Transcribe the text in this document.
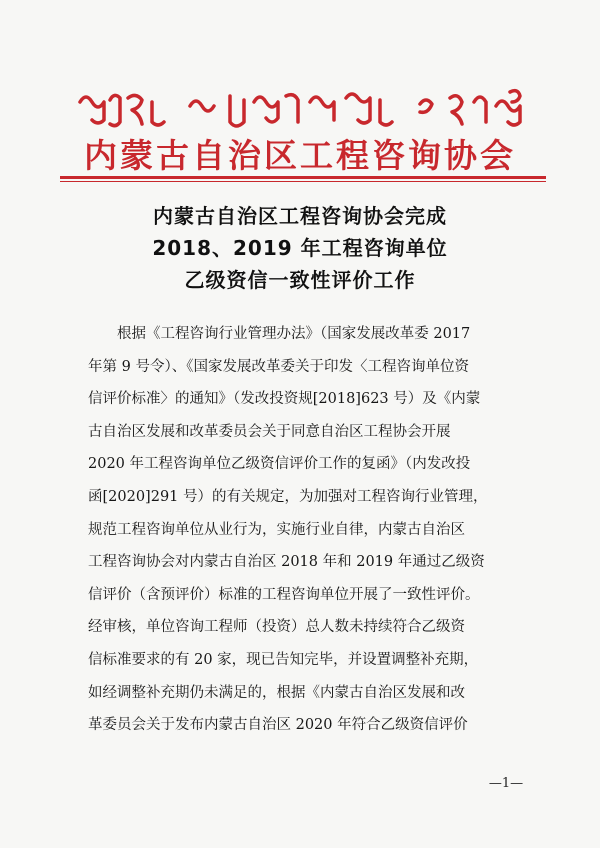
内蒙古自治区工程咨询协会
内蒙古自治区工程咨询协会完成
2018、2019 年工程咨询单位
乙级资信一致性评价工作
　　根据《工程咨询行业管理办法》（国家发展改革委 2017
年第 9 号令）、《国家发展改革委关于印发〈工程咨询单位资
信评价标准〉的通知》（发改投资规[2018]623 号）及《内蒙
古自治区发展和改革委员会关于同意自治区工程协会开展
2020 年工程咨询单位乙级资信评价工作的复函》（内发改投
函[2020]291 号）的有关规定，为加强对工程咨询行业管理，
规范工程咨询单位从业行为，实施行业自律，内蒙古自治区
工程咨询协会对内蒙古自治区 2018 年和 2019 年通过乙级资
信评价（含预评价）标准的工程咨询单位开展了一致性评价。
经审核，单位咨询工程师（投资）总人数未持续符合乙级资
信标准要求的有 20 家，现已告知完毕，并设置调整补充期，
如经调整补充期仍未满足的，根据《内蒙古自治区发展和改
革委员会关于发布内蒙古自治区 2020 年符合乙级资信评价
—1—
